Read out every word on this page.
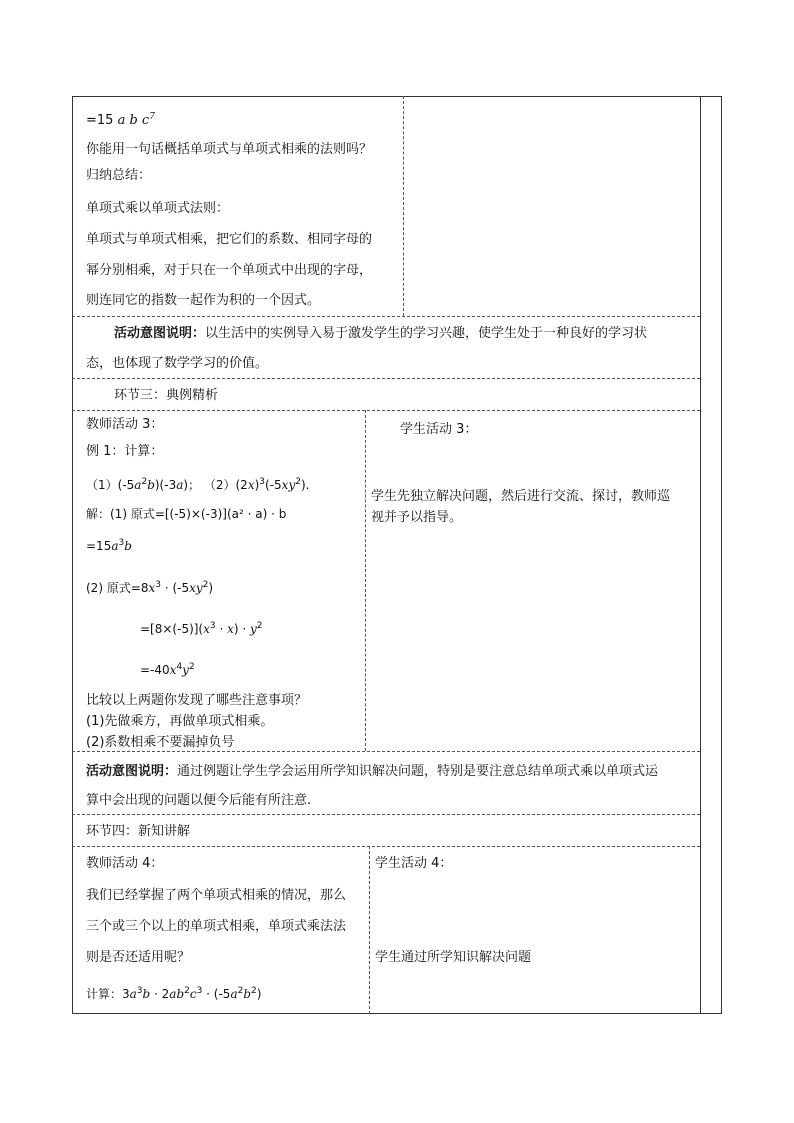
=15 a b $c^7$
你能用一句话概括单项式与单项式相乘的法则吗？
归纳总结：
单项式乘以单项式法则：
单项式与单项式相乘，把它们的系数、相同字母的
幂分别相乘，对于只在一个单项式中出现的字母，
则连同它的指数一起作为积的一个因式。
活动意图说明：以生活中的实例导入易于激发学生的学习兴趣，使学生处于一种良好的学习状
态，也体现了数学学习的价值。
环节三：典例精析
教师活动 3：
例 1：计算：
$(1)(-5a^2b)(-3a)$； $(2)(2x)^3(-5xy^2)$.
解：(1) 原式=[(-5)×(-3)](a² · a) · b
$=15a^3b$
(2) 原式$=8x^3 \cdot (-5xy^2)$
$=[8\times(-5)](x^3 \cdot x) \cdot y^2$
$=-40x^4y^2$
比较以上两题你发现了哪些注意事项？
(1)先做乘方，再做单项式相乘。
(2)系数相乘不要漏掉负号
学生活动 3：
学生先独立解决问题，然后进行交流、探讨，教师巡
视并予以指导。
活动意图说明：通过例题让学生学会运用所学知识解决问题，特别是要注意总结单项式乘以单项式运
算中会出现的问题以便今后能有所注意.
环节四：新知讲解
教师活动 4：
我们已经掌握了两个单项式相乘的情况，那么
三个或三个以上的单项式相乘，单项式乘法法
则是否还适用呢？
计算：$3a^3b \cdot 2ab^2c^3 \cdot (-5a^2b^2)$
学生活动 4：
学生通过所学知识解决问题
